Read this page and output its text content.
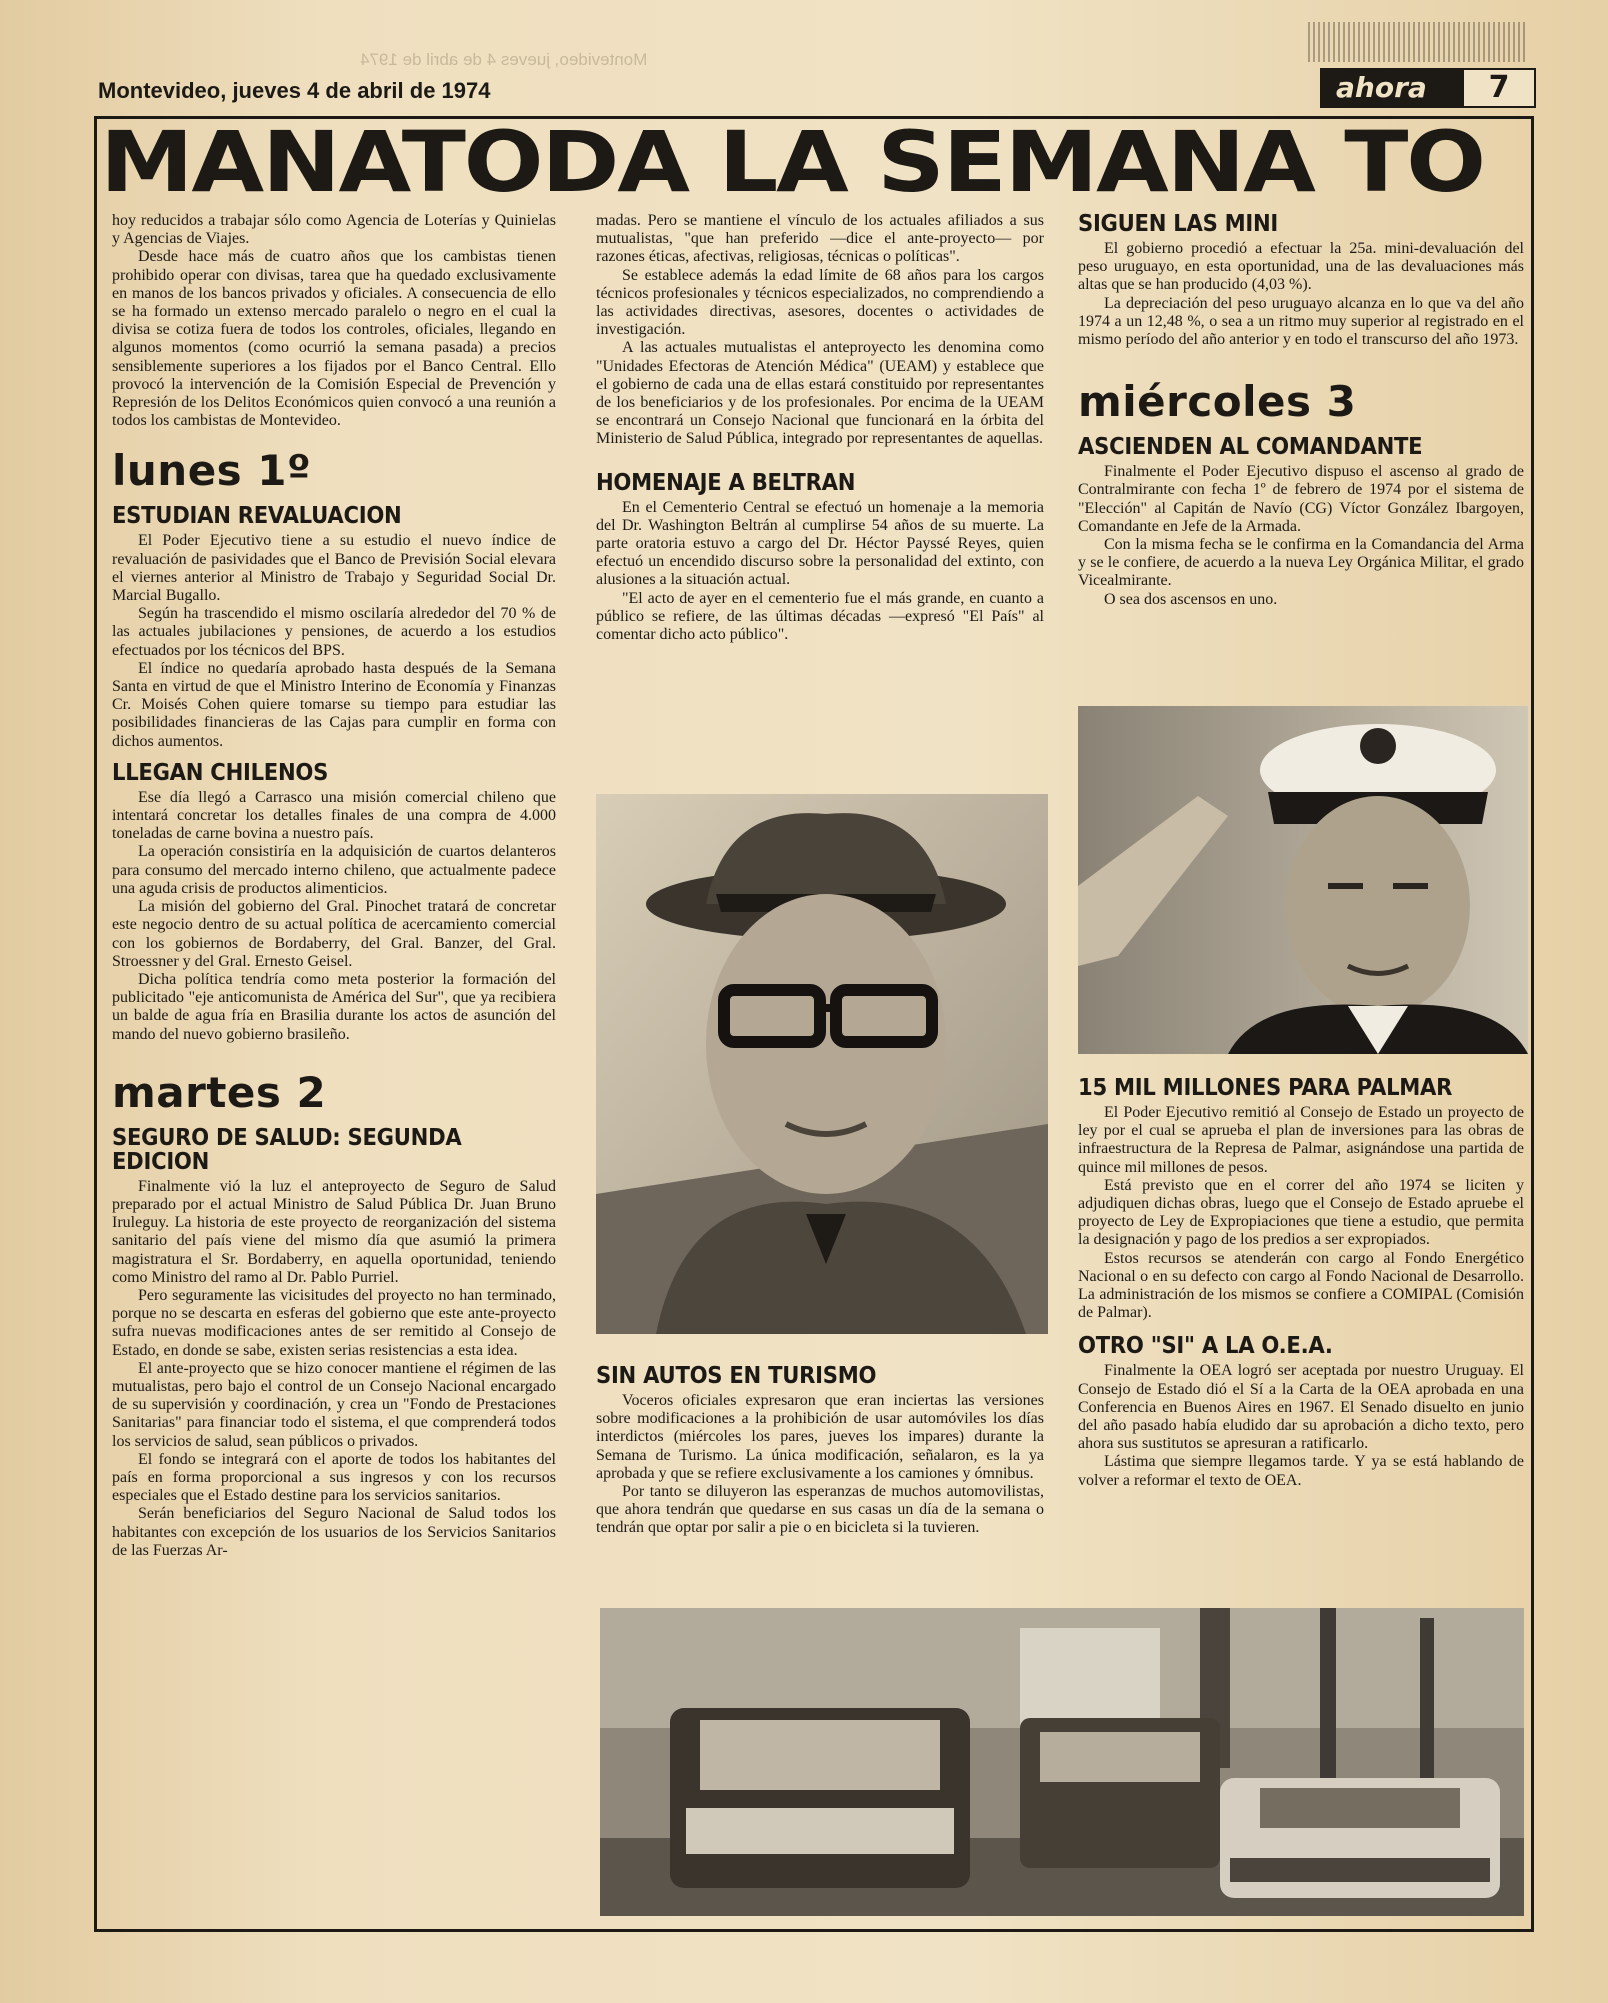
Montevideo, jueves 4 de abril de 1974
Montevideo, jueves 4 de abril de 1974	ahora	7
MANATODA LA SEMANA TO

hoy reducidos a trabajar sólo como Agencia de Loterías y Quinielas y Agencias de Viajes.

Desde hace más de cuatro años que los cambistas tienen prohibido operar con divisas, tarea que ha quedado exclusivamente en manos de los bancos privados y oficiales. A consecuencia de ello se ha formado un extenso mercado paralelo o negro en el cual la divisa se cotiza fuera de todos los controles, oficiales, llegando en algunos momentos (como ocurrió la semana pasada) a precios sensiblemente superiores a los fijados por el Banco Central. Ello provocó la intervención de la Comisión Especial de Prevención y Represión de los Delitos Económicos quien convocó a una reunión a todos los cambistas de Montevideo.

lunes 1º
ESTUDIAN REVALUACION

El Poder Ejecutivo tiene a su estudio el nuevo índice de revaluación de pasividades que el Banco de Previsión Social elevara el viernes anterior al Ministro de Trabajo y Seguridad Social Dr. Marcial Bugallo.

Según ha trascendido el mismo oscilaría alrededor del 70 % de las actuales jubilaciones y pensiones, de acuerdo a los estudios efectuados por los técnicos del BPS.

El índice no quedaría aprobado hasta después de la Semana Santa en virtud de que el Ministro Interino de Economía y Finanzas Cr. Moisés Cohen quiere tomarse su tiempo para estudiar las posibilidades financieras de las Cajas para cumplir en forma con dichos aumentos.

LLEGAN CHILENOS

Ese día llegó a Carrasco una misión comercial chileno que intentará concretar los detalles finales de una compra de 4.000 toneladas de carne bovina a nuestro país.

La operación consistiría en la adquisición de cuartos delanteros para consumo del mercado interno chileno, que actualmente padece una aguda crisis de productos alimenticios.

La misión del gobierno del Gral. Pinochet tratará de concretar este negocio dentro de su actual política de acercamiento comercial con los gobiernos de Bordaberry, del Gral. Banzer, del Gral. Stroessner y del Gral. Ernesto Geisel.

Dicha política tendría como meta posterior la formación del publicitado "eje anticomunista de América del Sur", que ya recibiera un balde de agua fría en Brasilia durante los actos de asunción del mando del nuevo gobierno brasileño.

martes 2
SEGURO DE SALUD: SEGUNDA EDICION

Finalmente vió la luz el anteproyecto de Seguro de Salud preparado por el actual Ministro de Salud Pública Dr. Juan Bruno Iruleguy. La historia de este proyecto de reorganización del sistema sanitario del país viene del mismo día que asumió la primera magistratura el Sr. Bordaberry, en aquella oportunidad, teniendo como Ministro del ramo al Dr. Pablo Purriel.

Pero seguramente las vicisitudes del proyecto no han terminado, porque no se descarta en esferas del gobierno que este ante-proyecto sufra nuevas modificaciones antes de ser remitido al Consejo de Estado, en donde se sabe, existen serias resistencias a esta idea.

El ante-proyecto que se hizo conocer mantiene el régimen de las mutualistas, pero bajo el control de un Consejo Nacional encargado de su supervisión y coordinación, y crea un "Fondo de Prestaciones Sanitarias" para financiar todo el sistema, el que comprenderá todos los servicios de salud, sean públicos o privados.

El fondo se integrará con el aporte de todos los habitantes del país en forma proporcional a sus ingresos y con los recursos especiales que el Estado destine para los servicios sanitarios.

Serán beneficiarios del Seguro Nacional de Salud todos los habitantes con excepción de los usuarios de los Servicios Sanitarios de las Fuerzas Ar-

madas. Pero se mantiene el vínculo de los actuales afiliados a sus mutualistas, "que han preferido —dice el ante-proyecto— por razones éticas, afectivas, religiosas, técnicas o políticas".

Se establece además la edad límite de 68 años para los cargos técnicos profesionales y técnicos especializados, no comprendiendo a las actividades directivas, asesores, docentes o actividades de investigación.

A las actuales mutualistas el anteproyecto les denomina como "Unidades Efectoras de Atención Médica" (UEAM) y establece que el gobierno de cada una de ellas estará constituido por representantes de los beneficiarios y de los profesionales. Por encima de la UEAM se encontrará un Consejo Nacional que funcionará en la órbita del Ministerio de Salud Pública, integrado por representantes de aquellas.

HOMENAJE A BELTRAN

En el Cementerio Central se efectuó un homenaje a la memoria del Dr. Washington Beltrán al cumplirse 54 años de su muerte. La parte oratoria estuvo a cargo del Dr. Héctor Payssé Reyes, quien efectuó un encendido discurso sobre la personalidad del extinto, con alusiones a la situación actual.

"El acto de ayer en el cementerio fue el más grande, en cuanto a público se refiere, de las últimas décadas —expresó "El País" al comentar dicho acto público".

SIN AUTOS EN TURISMO

Voceros oficiales expresaron que eran inciertas las versiones sobre modificaciones a la prohibición de usar automóviles los días interdictos (miércoles los pares, jueves los impares) durante la Semana de Turismo. La única modificación, señalaron, es la ya aprobada y que se refiere exclusivamente a los camiones y ómnibus.

Por tanto se diluyeron las esperanzas de muchos automovilistas, que ahora tendrán que quedarse en sus casas un día de la semana o tendrán que optar por salir a pie o en bicicleta si la tuvieren.

SIGUEN LAS MINI

El gobierno procedió a efectuar la 25a. mini-devaluación del peso uruguayo, en esta oportunidad, una de las devaluaciones más altas que se han producido (4,03 %).

La depreciación del peso uruguayo alcanza en lo que va del año 1974 a un 12,48 %, o sea a un ritmo muy superior al registrado en el mismo período del año anterior y en todo el transcurso del año 1973.

miércoles 3
ASCIENDEN AL COMANDANTE

Finalmente el Poder Ejecutivo dispuso el ascenso al grado de Contralmirante con fecha 1º de febrero de 1974 por el sistema de "Elección" al Capitán de Navío (CG) Víctor González Ibargoyen, Comandante en Jefe de la Armada.

Con la misma fecha se le confirma en la Comandancia del Arma y se le confiere, de acuerdo a la nueva Ley Orgánica Militar, el grado Vicealmirante.

O sea dos ascensos en uno.

15 MIL MILLONES PARA PALMAR

El Poder Ejecutivo remitió al Consejo de Estado un proyecto de ley por el cual se aprueba el plan de inversiones para las obras de infraestructura de la Represa de Palmar, asignándose una partida de quince mil millones de pesos.

Está previsto que en el correr del año 1974 se liciten y adjudiquen dichas obras, luego que el Consejo de Estado apruebe el proyecto de Ley de Expropiaciones que tiene a estudio, que permita la designación y pago de los predios a ser expropiados.

Estos recursos se atenderán con cargo al Fondo Energético Nacional o en su defecto con cargo al Fondo Nacional de Desarrollo. La administración de los mismos se confiere a COMIPAL (Comisión de Palmar).

OTRO "SI" A LA O.E.A.

Finalmente la OEA logró ser aceptada por nuestro Uruguay. El Consejo de Estado dió el Sí a la Carta de la OEA aprobada en una Conferencia en Buenos Aires en 1967. El Senado disuelto en junio del año pasado había eludido dar su aprobación a dicho texto, pero ahora sus sustitutos se apresuran a ratificarlo.

Lástima que siempre llegamos tarde. Y ya se está hablando de volver a reformar el texto de OEA.
